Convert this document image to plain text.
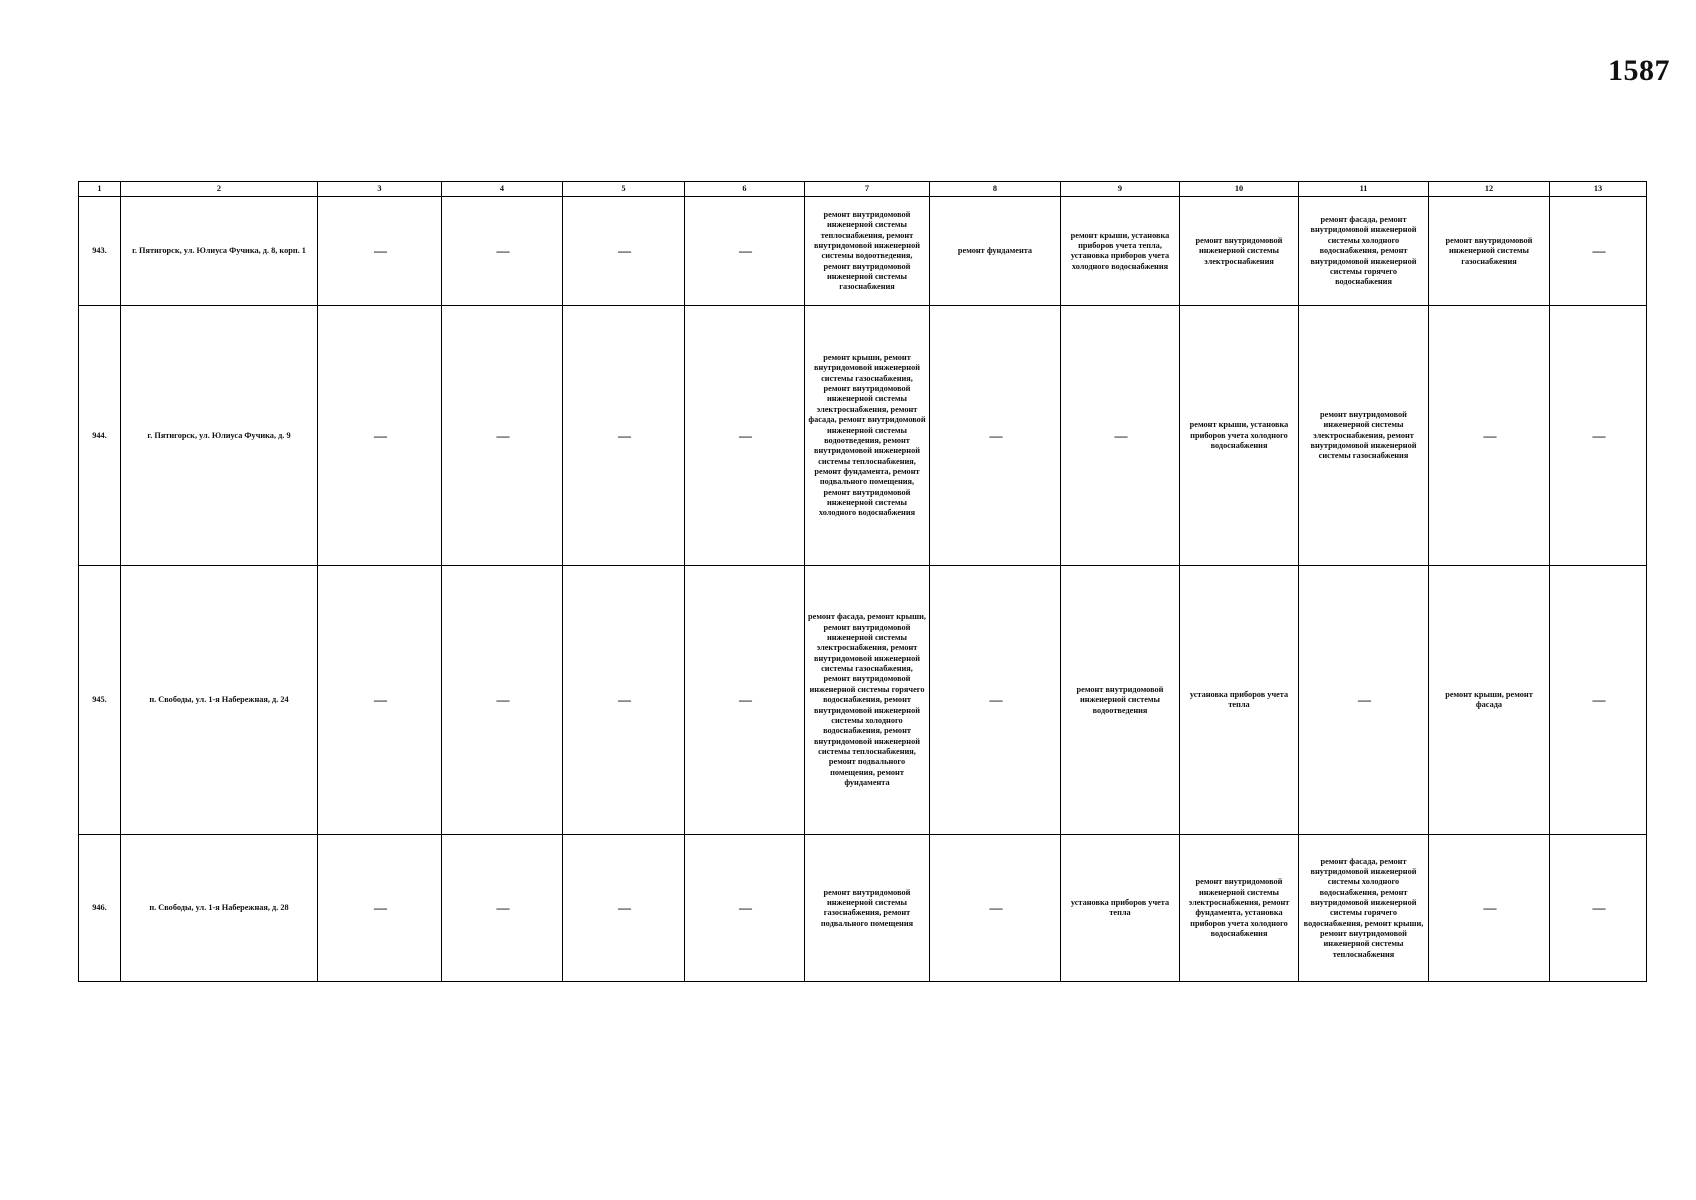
1587
1	2	3	4	5	6	7	8	9	10	11	12	13
943.	г. Пятигорск, ул. Юлиуса Фучика, д. 8, корп. 1	—	—	—	—	ремонт внутридомовой инженерной системы теплоснабжения, ремонт внутридомовой инженерной системы водоотведения, ремонт внутридомовой инженерной системы газоснабжения	ремонт фундамента	ремонт крыши, установка приборов учета тепла, установка приборов учета холодного водоснабжения	ремонт внутридомовой инженерной системы электроснабжения	ремонт фасада, ремонт внутридомовой инженерной системы холодного водоснабжения, ремонт внутридомовой инженерной системы горячего водоснабжения	ремонт внутридомовой инженерной системы газоснабжения	—
944.	г. Пятигорск, ул. Юлиуса Фучика, д. 9	—	—	—	—	ремонт крыши, ремонт внутридомовой инженерной системы газоснабжения, ремонт внутридомовой инженерной системы электроснабжения, ремонт фасада, ремонт внутридомовой инженерной системы водоотведения, ремонт внутридомовой инженерной системы теплоснабжения, ремонт фундамента, ремонт подвального помещения, ремонт внутридомовой инженерной системы холодного водоснабжения	—	—	ремонт крыши, установка приборов учета холодного водоснабжения	ремонт внутридомовой инженерной системы электроснабжения, ремонт внутридомовой инженерной системы газоснабжения	—	—
945.	п. Свободы, ул. 1-я Набережная, д. 24	—	—	—	—	ремонт фасада, ремонт крыши, ремонт внутридомовой инженерной системы электроснабжения, ремонт внутридомовой инженерной системы газоснабжения, ремонт внутридомовой инженерной системы горячего водоснабжения, ремонт внутридомовой инженерной системы холодного водоснабжения, ремонт внутридомовой инженерной системы теплоснабжения, ремонт подвального помещения, ремонт фундамента	—	ремонт внутридомовой инженерной системы водоотведения	установка приборов учета тепла	—	ремонт крыши, ремонт фасада	—
946.	п. Свободы, ул. 1-я Набережная, д. 28	—	—	—	—	ремонт внутридомовой инженерной системы газоснабжения, ремонт подвального помещения	—	установка приборов учета тепла	ремонт внутридомовой инженерной системы электроснабжения, ремонт фундамента, установка приборов учета холодного водоснабжения	ремонт фасада, ремонт внутридомовой инженерной системы холодного водоснабжения, ремонт внутридомовой инженерной системы горячего водоснабжения, ремонт крыши, ремонт внутридомовой инженерной системы теплоснабжения	—	—
